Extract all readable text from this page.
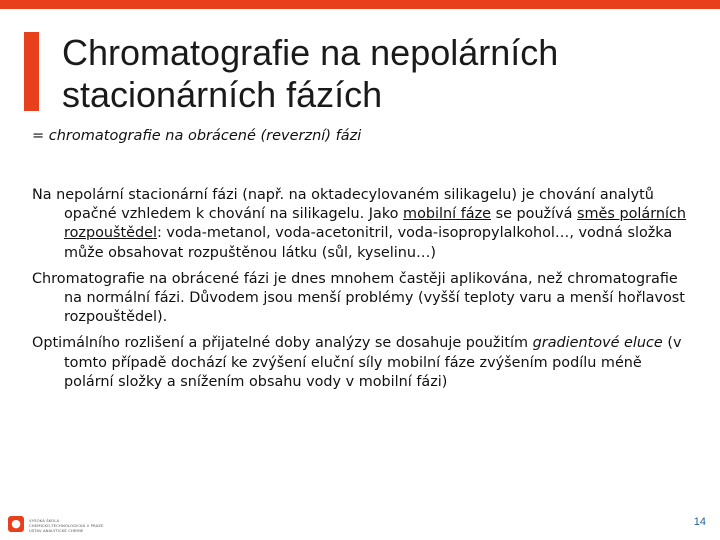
Chromatografie na nepolárních
stacionárních fázích
= chromatografie na obrácené (reverzní) fázi

Na nepolární stacionární fázi (např. na oktadecylovaném silikagelu) je chování analytů opačné vzhledem k chování na silikagelu. Jako mobilní fáze se používá směs polárních rozpouštědel: voda-metanol, voda-acetonitril, voda-isopropylalkohol…, vodná složka může obsahovat rozpuštěnou látku (sůl, kyselinu…)

Chromatografie na obrácené fázi je dnes mnohem častěji aplikována, než chromatografie na normální fázi. Důvodem jsou menší problémy (vyšší teploty varu a menší hořlavost rozpouštědel).

Optimálního rozlišení a přijatelné doby analýzy se dosahuje použitím gradientové eluce (v tomto případě dochází ke zvýšení eluční síly mobilní fáze zvýšením podílu méně polární složky a snížením obsahu vody v mobilní fázi)

●	VYSOKÁ ŠKOLA
CHEMICKO-TECHNOLOGICKÁ V PRAZE
ÚSTAV ANALYTICKÉ CHEMIE
14
